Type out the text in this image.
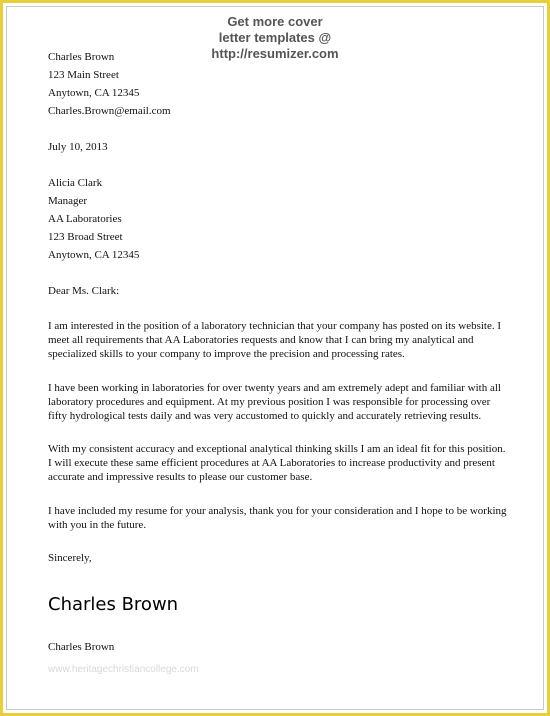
Get more cover
letter templates @
http://resumizer.com
Charles Brown
123 Main Street
Anytown, CA 12345
Charles.Brown@email.com
July 10, 2013
Alicia Clark
Manager
AA Laboratories
123 Broad Street
Anytown, CA 12345
Dear Ms. Clark:
I am interested in the position of a laboratory technician that your company has posted on its website. I meet all requirements that AA Laboratories requests and know that I can bring my analytical and specialized skills to your company to improve the precision and processing rates.
I have been working in laboratories for over twenty years and am extremely adept and familiar with all laboratory procedures and equipment. At my previous position I was responsible for processing over fifty hydrological tests daily and was very accustomed to quickly and accurately retrieving results.
With my consistent accuracy and exceptional analytical thinking skills I am an ideal fit for this position. I will execute these same efficient procedures at AA Laboratories to increase productivity and present accurate and impressive results to please our customer base.
I have included my resume for your analysis, thank you for your consideration and I hope to be working with you in the future.
Sincerely,
Charles Brown
Charles Brown
www.heritagechristiancollege.com
